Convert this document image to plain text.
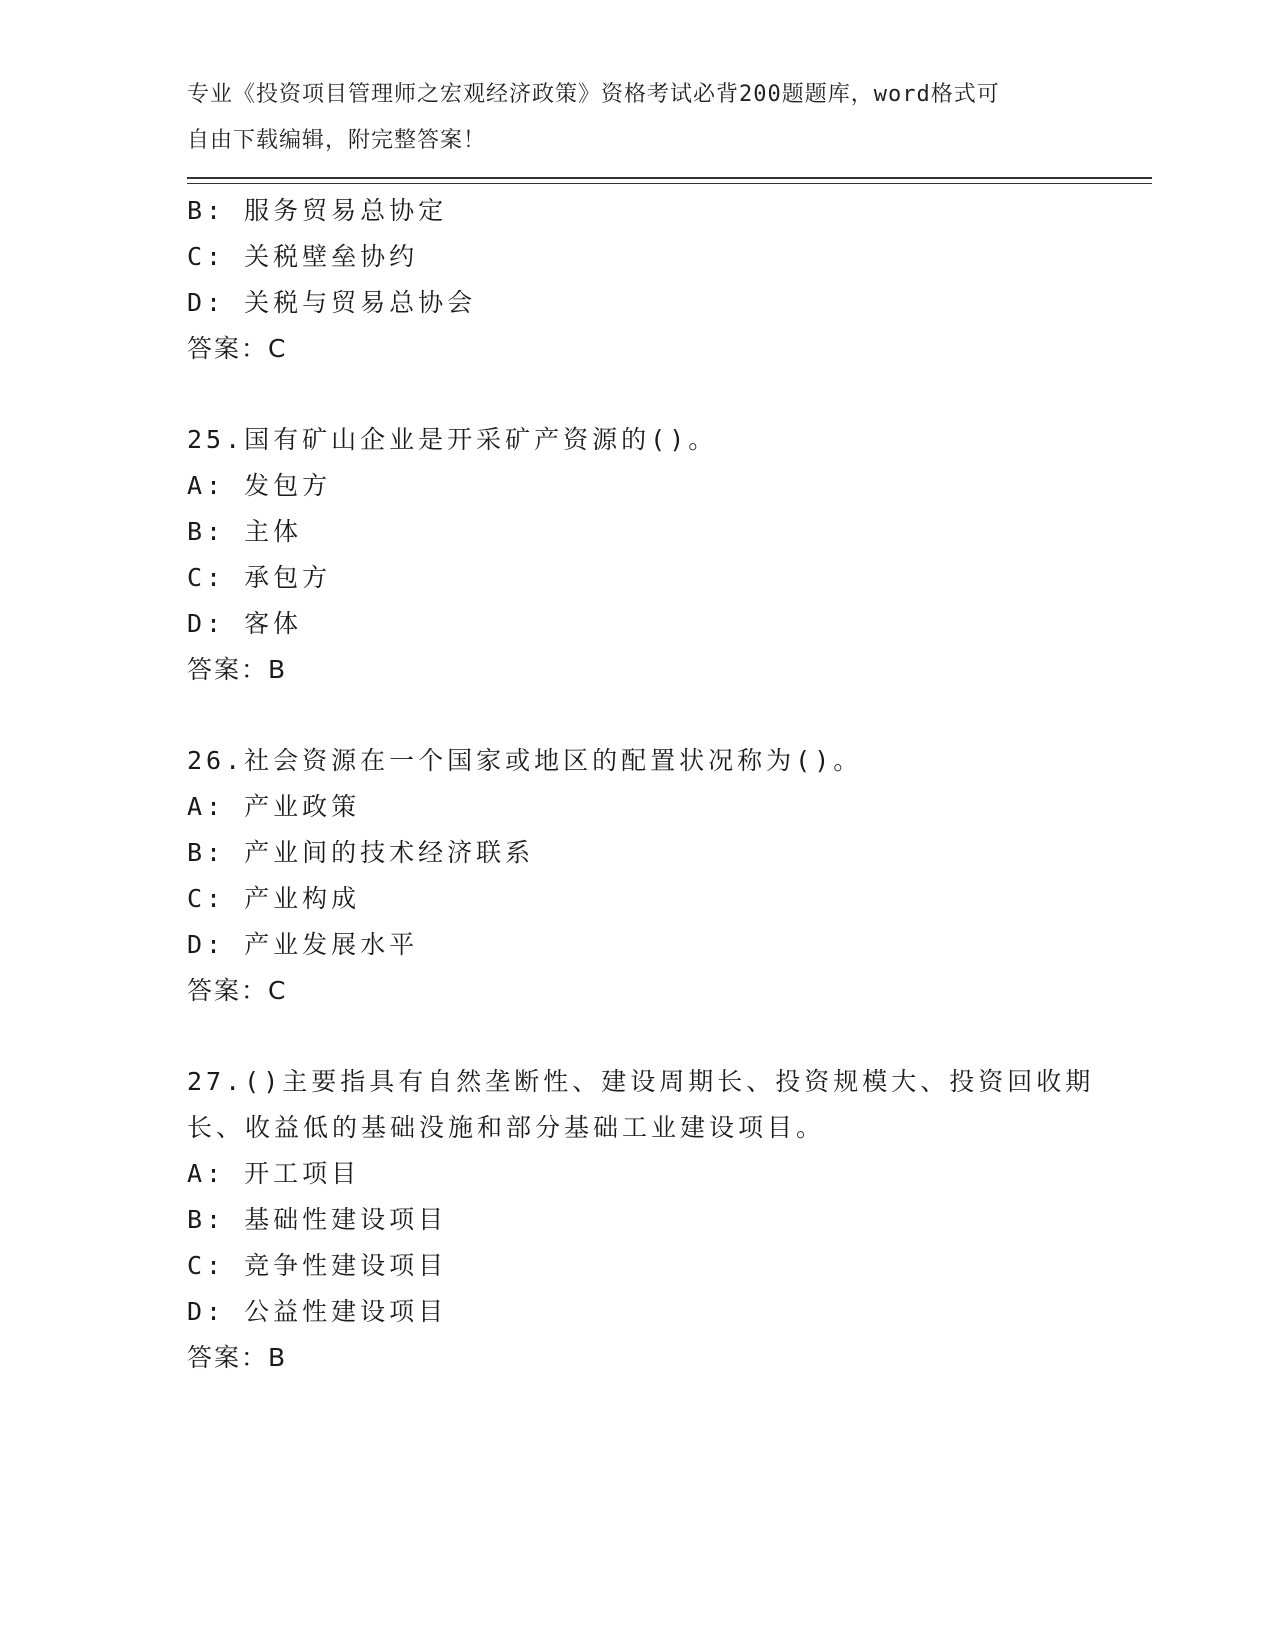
专业《投资项目管理师之宏观经济政策》资格考试必背200题题库，word格式可
自由下载编辑，附完整答案！
B: 服务贸易总协定
C: 关税壁垒协约
D: 关税与贸易总协会
答案：C
25.国有矿山企业是开采矿产资源的()。
A: 发包方
B: 主体
C: 承包方
D: 客体
答案：B
26.社会资源在一个国家或地区的配置状况称为()。
A: 产业政策
B: 产业间的技术经济联系
C: 产业构成
D: 产业发展水平
答案：C
27.()主要指具有自然垄断性、建设周期长、投资规模大、投资回收期
长、收益低的基础没施和部分基础工业建设项目。
A: 开工项目
B: 基础性建设项目
C: 竞争性建设项目
D: 公益性建设项目
答案：B
